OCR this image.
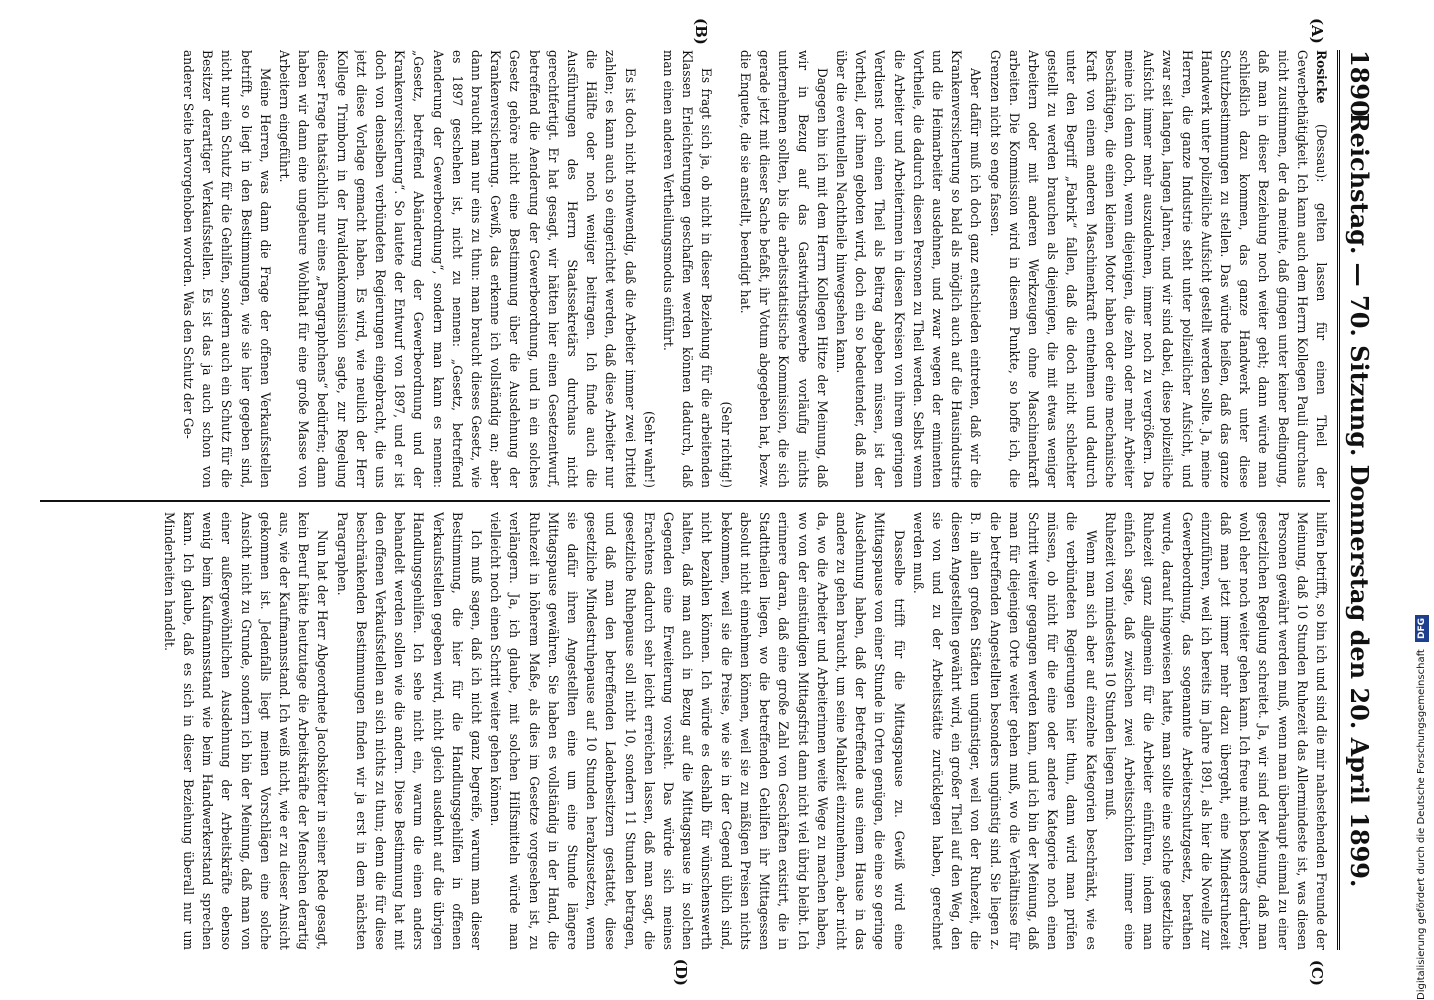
1890
Reichstag. — 70. Sitzung. Donnerstag den 20. April 1899.
(A)
(B)
(C)
(D)

Rosicke (Dessau): gelten lassen für einen Theil der Gewerbethätigkeit. Ich kann auch dem Herrn Kollegen Pauli durchaus nicht zustimmen, der da meinte, daß gingen unter keiner Bedingung, daß man in dieser Beziehung noch weiter geht; dann würde man schließlich dazu kommen, das ganze Handwerk unter diese Schutzbestimmungen zu stellen. Das würde heißen, daß das ganze Handwerk unter polizeiliche Aufsicht gestellt werden sollte. Ja, meine Herren, die ganze Industrie steht unter polizeilicher Aufsicht, und zwar seit langen, langen Jahren, und wir sind dabei, diese polizeiliche Aufsicht immer mehr auszudehnen, immer noch zu vergrößern. Da meine ich denn doch, wenn diejenigen, die zehn oder mehr Arbeiter beschäftigen, die einen kleinen Motor haben oder eine mechanische Kraft von einem anderen Maschinenkraft entnehmen und dadurch unter den Begriff „Fabrik“ fallen, daß die doch nicht schlechter gestellt zu werden brauchen als diejenigen, die mit etwas weniger Arbeitern oder mit anderen Werkzeugen ohne Maschinenkraft arbeiten. Die Kommission wird in diesem Punkte, so hoffe ich, die Grenzen nicht so enge fassen.

Aber dafür muß ich doch ganz entschieden eintreten, daß wir die Krankenversicherung so bald als möglich auch auf die Hausindustrie und die Heimarbeiter ausdehnen, und zwar wegen der eminenten Vortheile, die dadurch diesen Personen zu Theil werden. Selbst wenn die Arbeiter und Arbeiterinnen in diesen Kreisen von ihrem geringen Verdienst noch einen Theil als Beitrag abgeben müssen, ist der Vortheil, der ihnen geboten wird, doch ein so bedeutender, daß man über die eventuellen Nachtheile hinwegsehen kann.

Dagegen bin ich mit dem Herrn Kollegen Hitze der Meinung, daß wir in Bezug auf das Gastwirthsgewerbe vorläufig nichts unternehmen sollten, bis die arbeitsstatistische Kommission, die sich gerade jetzt mit dieser Sache befaßt, ihr Votum abgegeben hat, bezw. die Enquete, die sie anstellt, beendigt hat.

(Sehr richtig!)

Es fragt sich ja, ob nicht in dieser Beziehung für die arbeitenden Klassen Erleichterungen geschaffen werden können dadurch, daß man einen anderen Vertheilungsmodus einführt.

(Sehr wahr!)

Es ist doch nicht nothwendig, daß die Arbeiter immer zwei Drittel zahlen; es kann auch so eingerichtet werden, daß diese Arbeiter nur die Hälfte oder noch weniger beitragen. Ich finde auch die Ausführungen des Herrn Staatssekretärs durchaus nicht gerechtfertigt. Er hat gesagt, wir hätten hier einen Gesetzentwurf, betreffend die Aenderung der Gewerbeordnung, und in ein solches Gesetz gehöre nicht eine Bestimmung über die Ausdehnung der Krankenversicherung. Gewiß, das erkenne ich vollständig an; aber dann braucht man nur eins zu thun: man braucht dieses Gesetz, wie es 1897 geschehen ist, nicht zu nennen: „Gesetz, betreffend Aenderung der Gewerbeordnung“, sondern man kann es nennen: „Gesetz, betreffend Abänderung der Gewerbeordnung und der Krankenversicherung“. So lautete der Entwurf von 1897, und er ist doch von denselben verbündeten Regierungen eingebracht, die uns jetzt diese Vorlage gemacht haben. Es wird, wie neulich der Herr Kollege Trimborn in der Invalidenkommission sagte, zur Regelung dieser Frage thatsächlich nur eines „Paragraphchens“ bedürfen; dann haben wir dann eine ungeheure Wohlthat für eine große Masse von Arbeitern eingeführt.

Meine Herren, was dann die Frage der offenen Verkaufsstellen betrifft, so liegt in den Bestimmungen, wie sie hier gegeben sind, nicht nur ein Schutz für die Gehilfen, sondern auch ein Schutz für die Besitzer derartiger Verkaufsstellen. Es ist das ja auch schon von anderer Seite hervorgehoben worden. Was den Schutz der Ge-

hilfen betrifft, so bin ich und sind die mir nahestehenden Freunde der Meinung, daß 10 Stunden Ruhezeit das Allermindeste ist, was diesen Personen gewährt werden muß, wenn man überhaupt einmal zu einer gesetzlichen Regelung schreitet. Ja, wir sind der Meinung, daß man wohl eher noch weiter gehen kann. Ich freue mich besonders darüber, daß man jetzt immer mehr dazu übergeht, eine Mindestruhezeit einzuführen, weil ich bereits im Jahre 1891, als hier die Novelle zur Gewerbeordnung, das sogenannte Arbeiterschutzgesetz, berathen wurde, darauf hingewiesen hatte, man sollte eine solche gesetzliche Ruhezeit ganz allgemein für die Arbeiter einführen, indem man einfach sagte, daß zwischen zwei Arbeitsschichten immer eine Ruhezeit von mindestens 10 Stunden liegen muß.

Wenn man sich aber auf einzelne Kategorien beschränkt, wie es die verbündeten Regierungen hier thun, dann wird man prüfen müssen, ob nicht für die eine oder andere Kategorie noch einen Schritt weiter gegangen werden kann, und ich bin der Meinung, daß man für diejenigen Orte weiter gehen muß, wo die Verhältnisse für die betreffenden Angestellten besonders ungünstig sind. Sie liegen z. B. in allen großen Städten ungünstiger, weil von der Ruhezeit, die diesen Angestellten gewährt wird, ein großer Theil auf den Weg, den sie von und zu der Arbeitsstätte zurücklegen haben, gerechnet werden muß.

Dasselbe trifft für die Mittagspause zu. Gewiß wird eine Mittagspause von einer Stunde in Orten genügen, die eine so geringe Ausdehnung haben, daß der Betreffende aus einem Hause in das andere zu gehen braucht, um seine Mahlzeit einzunehmen, aber nicht da, wo die Arbeiter und Arbeiterinnen weite Wege zu machen haben, wo von der einstündigen Mittagsfrist dann nicht viel übrig bleibt. Ich erinnere daran, daß eine große Zahl von Geschäften existirt, die in Stadttheilen liegen, wo die betreffenden Gehilfen ihr Mittagessen absolut nicht einnehmen können, weil sie zu mäßigen Preisen nichts bekommen, weil sie die Preise, wie sie in der Gegend üblich sind, nicht bezahlen können. Ich würde es deshalb für wünschenswerth halten, daß man auch in Bezug auf die Mittagspause in solchen Gegenden eine Erweiterung vorsieht. Das würde sich meines Erachtens dadurch sehr leicht erreichen lassen, daß man sagt, die gesetzliche Ruhepause soll nicht 10, sondern 11 Stunden betragen, und daß man den betreffenden Ladenbesitzern gestattet, diese gesetzliche Mindestruhepause auf 10 Stunden herabzusetzen, wenn sie dafür ihren Angestellten eine um eine Stunde längere Mittagspause gewähren. Sie haben es vollständig in der Hand, die Ruhezeit in höherem Maße, als dies im Gesetze vorgesehen ist, zu verlängern. Ja, ich glaube, mit solchen Hilfsmitteln würde man vielleicht noch einen Schritt weiter gehen können.

Ich muß sagen, daß ich nicht ganz begreife, warum man dieser Bestimmung, die hier für die Handlungsgehilfen in offenen Verkaufsstellen gegeben wird, nicht gleich ausdehnt auf die übrigen Handlungsgehilfen. Ich sehe nicht ein, warum die einen anders behandelt werden sollen wie die andern. Diese Bestimmung hat mit den offenen Verkaufsstellen an sich nichts zu thun; denn die für diese beschränkenden Bestimmungen finden wir ja erst in dem nächsten Paragraphen.

Nun hat der Herr Abgeordnete Jacobskötter in seiner Rede gesagt, kein Beruf hätte heutzutage die Arbeitskräfte der Menschen derartig aus, wie der Kaufmannsstand. Ich weiß nicht, wie er zu dieser Ansicht gekommen ist. Jedenfalls liegt meinen Vorschlägen eine solche Ansicht nicht zu Grunde, sondern ich bin der Meinung, daß man von einer außergewöhnlichen Ausdehnung der Arbeitskräfte ebenso wenig beim Kaufmannsstand wie beim Handwerkerstand sprechen kann. Ich glaube, daß es sich in dieser Beziehung überall nur um Minderheiten handelt.

Digitalisierung gefördert durch die Deutsche Forschungsgemeinschaft DFG
